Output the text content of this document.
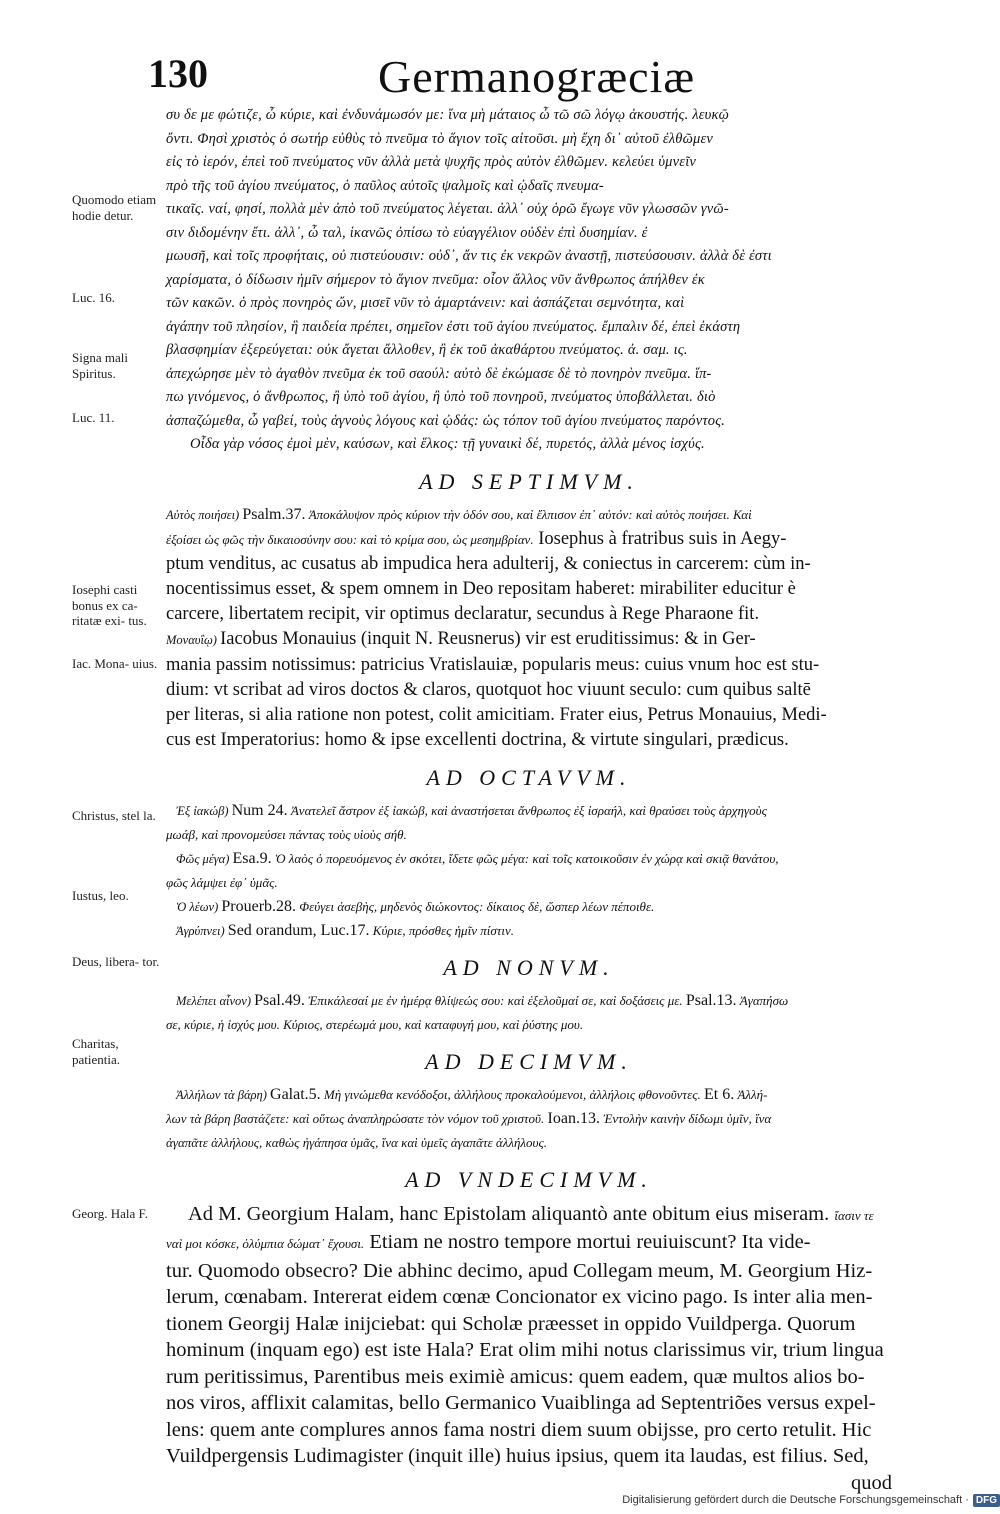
130	Germanogræciæ
Quomodo etiam hodie detur.
Luc. 16.
Signa mali Spiritus.
Luc. 11.
Iosephi casti bonus ex ca- ritatæ exi- tus.
Iac. Mona- uius.
Christus, stel la.
Iustus, leo.
Deus, libera- tor.
Charitas, patientia.
Georg. Hala F.

συ δε με φώτιζε, ὦ κύριε, καὶ ἐνδυνάμωσόν με: ἵνα μὴ μάταιος ὦ τῶ σῶ λόγῳ ἀκουστής. λευκῷ

ὄντι. Φησὶ χριστὸς ὁ σωτήρ εὐθὺς τὸ πνεῦμα τὸ ἅγιον τοῖς αἰτοῦσι. μὴ ἔχη δι᾽ αὐτοῦ ἐλθῶμεν

εἰς τὸ ἱερόν, ἐπεὶ τοῦ πνεύματος νῦν ἀλλὰ μετὰ ψυχῆς πρὸς αὐτὸν ἐλθῶμεν. κελεύει ὑμνεῖν

πρὸ τῆς τοῦ ἁγίου πνεύματος, ὁ παῦλος αὐτοῖς ψαλμοῖς καὶ ᾠδαῖς πνευμα-

τικαῖς. ναί, φησί, πολλὰ μὲν ἀπὸ τοῦ πνεύματος λέγεται. ἀλλ᾽ οὐχ ὁρῶ ἔγωγε νῦν γλωσσῶν γνῶ-

σιν διδομένην ἔτι. ἀλλ᾽, ὦ ταλ, ἱκανῶς ὀπίσω τὸ εὐαγγέλιον οὐδὲν ἐπὶ δυσημίαν. ἐ

μωυσῆ, καὶ τοῖς προφήταις, οὐ πιστεύουσιν: οὐδ᾽, ἄν τις ἐκ νεκρῶν ἀναστῇ, πιστεύσουσιν. ἀλλὰ δὲ ἐστι

χαρίσματα, ὁ δίδωσιν ἡμῖν σήμερον τὸ ἅγιον πνεῦμα: οἷον ἄλλος νῦν ἄνθρωπος ἀπήλθεν ἐκ

τῶν κακῶν. ὁ πρὸς πονηρὸς ὤν, μισεῖ νῦν τὸ ἁμαρτάνειν: καὶ ἀσπάζεται σεμνότητα, καὶ

ἀγάπην τοῦ πλησίον, ἣ παιδεία πρέπει, σημεῖον ἐστι τοῦ ἁγίου πνεύματος. ἔμπαλιν δέ, ἐπεὶ ἑκάστη

βλασφημίαν ἐξερεύγεται: οὐκ ἄγεται ἄλλοθεν, ἢ ἐκ τοῦ ἀκαθάρτου πνεύματος. ἀ. σαμ. ις.

ἀπεχώρησε μὲν τὸ ἀγαθὸν πνεῦμα ἐκ τοῦ σαούλ: αὐτὸ δὲ ἐκώμασε δὲ τὸ πονηρὸν πνεῦμα. ἵπ-

πω γινόμενος, ὁ ἄνθρωπος, ἢ ὑπὸ τοῦ ἁγίου, ἢ ὑπὸ τοῦ πονηροῦ, πνεύματος ὑποβάλλεται. διὸ

ἀσπαζώμεθα, ὦ γαβεί, τοὺς ἁγνοὺς λόγους καὶ ᾠδάς: ὡς τόπον τοῦ ἁγίου πνεύματος παρόντος.

Οἶδα γὰρ νόσος ἐμοὶ μὲν, καύσων, καὶ ἕλκος: τῇ γυναικὶ δέ, πυρετός, ἀλλὰ μένος ἰσχύς.

AD SEPTIMVM.

Αὐτὸς ποιήσει) Psalm.37. Ἀποκάλυψον πρὸς κύριον τὴν ὁδόν σου, καὶ ἔλπισον ἐπ᾽ αὐτόν: καὶ αὐτὸς ποιήσει. Καὶ

ἐξοίσει ὡς φῶς τὴν δικαιοσύνην σου: καὶ τὸ κρίμα σου, ὡς μεσημβρίαν. Iosephus à fratribus suis in Aegy-

ptum venditus, ac cusatus ab impudica hera adulterij, & coniectus in carcerem: cùm in-

nocentissimus esset, & spem omnem in Deo repositam haberet: mirabiliter educitur è

carcere, libertatem recipit, vir optimus declaratur, secundus à Rege Pharaone fit.

Μοναυΐῳ) Iacobus Monauius (inquit N. Reusnerus) vir est eruditissimus: & in Ger-

mania passim notissimus: patricius Vratislauiæ, popularis meus: cuius vnum hoc est stu-

dium: vt scribat ad viros doctos & claros, quotquot hoc viuunt seculo: cum quibus saltē

per literas, si alia ratione non potest, colit amicitiam. Frater eius, Petrus Monauius, Medi-

cus est Imperatorius: homo & ipse excellenti doctrina, & virtute singulari, prædicus.

AD OCTAVVM.

Ἐξ ἰακώβ) Num 24. Ἀνατελεῖ ἄστρον ἐξ ἰακώβ, καὶ ἀναστήσεται ἄνθρωπος ἐξ ἰσραήλ, καὶ θραύσει τοὺς ἀρχηγοὺς

μωάβ, καὶ προνομεύσει πάντας τοὺς υἱοὺς σήθ.

Φῶς μέγα) Esa.9. Ὁ λαὸς ὁ πορευόμενος ἐν σκότει, ἴδετε φῶς μέγα: καὶ τοῖς κατοικοῦσιν ἐν χώρᾳ καὶ σκιᾷ θανάτου,

φῶς λάμψει ἐφ᾽ ὑμᾶς.

Ὁ λέων) Prouerb.28. Φεύγει ἀσεβὴς, μηδενὸς διώκοντος: δίκαιος δὲ, ὥσπερ λέων πέποιθε.

Ἀγρύπνει) Sed orandum, Luc.17. Κύριε, πρόσθες ἡμῖν πίστιν.

AD NONVM.

Μελέπει αἶνον) Psal.49. Ἐπικάλεσαί με ἐν ἡμέρᾳ θλίψεώς σου: καὶ ἐξελοῦμαί σε, καὶ δοξάσεις με. Psal.13. Ἀγαπήσω

σε, κύριε, ἡ ἰσχύς μου. Κύριος, στερέωμά μου, καὶ καταφυγή μου, καὶ ῥύστης μου.

AD DECIMVM.

Ἀλλήλων τὰ βάρη) Galat.5. Μὴ γινώμεθα κενόδοξοι, ἀλλήλους προκαλούμενοι, ἀλλήλοις φθονοῦντες. Et 6. Ἀλλή-

λων τὰ βάρη βαστάζετε: καὶ οὕτως ἀναπληρώσατε τὸν νόμον τοῦ χριστοῦ. Ioan.13. Ἐντολὴν καινὴν δίδωμι ὑμῖν, ἵνα

ἀγαπᾶτε ἀλλήλους, καθὼς ἠγάπησα ὑμᾶς, ἵνα καὶ ὑμεῖς ἀγαπᾶτε ἀλλήλους.

AD VNDECIMVM.

Ad M. Georgium Halam, hanc Epistolam aliquantò ante obitum eius miseram. ἴασιν τε

ναὶ μοι κόσκε, ὀλύμπια δώματ᾽ ἔχουσι. Etiam ne nostro tempore mortui reuiuiscunt? Ita vide-

tur. Quomodo obsecro? Die abhinc decimo, apud Collegam meum, M. Georgium Hiz-

lerum, cœnabam. Intererat eidem cœnæ Concionator ex vicino pago. Is inter alia men-

tionem Georgij Halæ inijciebat: qui Scholæ præesset in oppido Vuildperga. Quorum

hominum (inquam ego) est iste Hala? Erat olim mihi notus clarissimus vir, trium lingua

rum peritissimus, Parentibus meis eximiè amicus: quem eadem, quæ multos alios bo-

nos viros, afflixit calamitas, bello Germanico Vuaiblinga ad Septentriões versus expel-

lens: quem ante complures annos fama nostri diem suum obijsse, pro certo retulit. Hic

Vuildpergensis Ludimagister (inquit ille) huius ipsius, quem ita laudas, est filius. Sed,

quod

Digitalisierung gefördert durch die Deutsche Forschungsgemeinschaft · DFG
